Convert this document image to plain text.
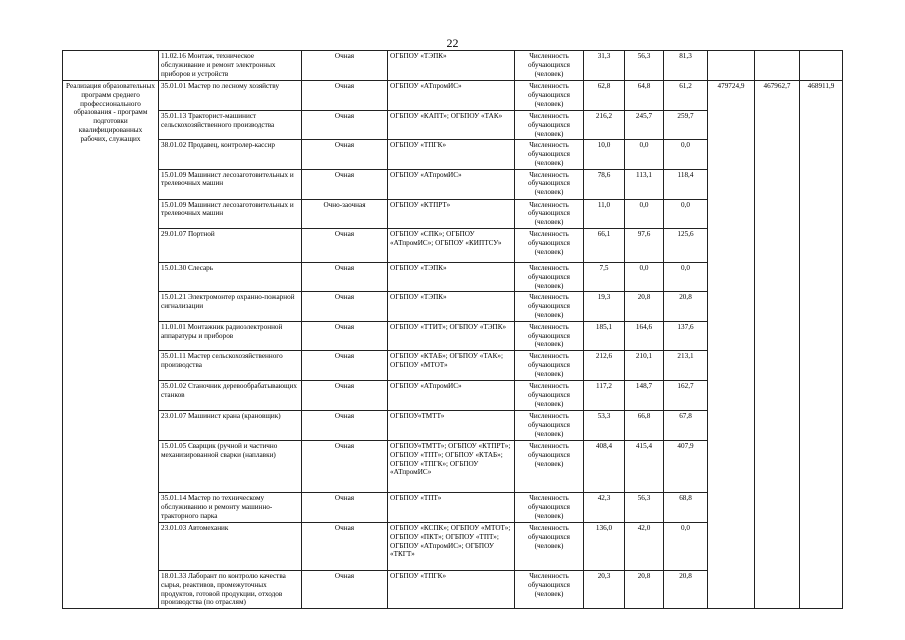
22
	11.02.16 Монтаж, техническое обслуживание и ремонт электронных приборов и устройств	Очная	ОГБПОУ «ТЭПК»	Численность обучающихся (человек)	31,3	56,3	81,3			
Реализация образовательных программ среднего профессионального образования - программ подготовки квалифицированных рабочих, служащих	35.01.01 Мастер по лесному хозяйству	Очная	ОГБПОУ «АТпромИС»	Численность обучающихся (человек)	62,8	64,8	61,2	479724,9	467962,7	468911,9
	35.01.13 Тракторист-машинист сельскохозяйственного производства	Очная	ОГБПОУ «КАПТ»; ОГБПОУ «ТАК»	Численность обучающихся (человек)	216,2	245,7	259,7			
	38.01.02 Продавец, контролер-кассир	Очная	ОГБПОУ «ТПГК»	Численность обучающихся (человек)	10,0	0,0	0,0			
	15.01.09 Машинист лесозаготовительных и трелевочных машин	Очная	ОГБПОУ «АТпромИС»	Численность обучающихся (человек)	78,6	113,1	118,4			
	15.01.09 Машинист лесозаготовительных и трелевочных машин	Очно-заочная	ОГБПОУ «КТПРТ»	Численность обучающихся (человек)	11,0	0,0	0,0			
	29.01.07 Портной	Очная	ОГБПОУ «СПК»; ОГБПОУ «АТпромИС»; ОГБПОУ «КИПТСУ»	Численность обучающихся (человек)	66,1	97,6	125,6			
	15.01.30 Слесарь	Очная	ОГБПОУ «ТЭПК»	Численность обучающихся (человек)	7,5	0,0	0,0			
	15.01.21 Электромонтер охранно-пожарной сигнализации	Очная	ОГБПОУ «ТЭПК»	Численность обучающихся (человек)	19,3	20,8	20,8			
	11.01.01 Монтажник радиоэлектронной аппаратуры и приборов	Очная	ОГБПОУ «ТТИТ»; ОГБПОУ «ТЭПК»	Численность обучающихся (человек)	185,1	164,6	137,6			
	35.01.11 Мастер сельскохозяйственного производства	Очная	ОГБПОУ «КТАБ»; ОГБПОУ «ТАК»; ОГБПОУ «МТОТ»	Численность обучающихся (человек)	212,6	210,1	213,1			
	35.01.02 Станочник деревообрабатывающих станков	Очная	ОГБПОУ «АТпромИС»	Численность обучающихся (человек)	117,2	148,7	162,7			
	23.01.07 Машинист крана (крановщик)	Очная	ОГБПОУ«ТМТТ»	Численность обучающихся (человек)	53,3	66,8	67,8			
	15.01.05 Сварщик (ручной и частично механизированной сварки (наплавки)	Очная	ОГБПОУ«ТМТТ»; ОГБПОУ «КТПРТ»; ОГБПОУ «ТПТ»; ОГБПОУ «КТАБ»; ОГБПОУ «ТПГК»; ОГБПОУ «АТпромИС»	Численность обучающихся (человек)	408,4	415,4	407,9			
	35.01.14 Мастер по техническому обслуживанию и ремонту машинно-тракторного парка	Очная	ОГБПОУ «ТПТ»	Численность обучающихся (человек)	42,3	56,3	68,8			
	23.01.03 Автомеханик	Очная	ОГБПОУ «КСПК»; ОГБПОУ «МТОТ»; ОГБПОУ «ПКТ»; ОГБПОУ «ТПТ»; ОГБПОУ «АТпромИС»; ОГБПОУ «ТКГТ»	Численность обучающихся (человек)	136,0	42,0	0,0			
	18.01.33 Лаборант по контролю качества сырья, реактивов, промежуточных продуктов, готовой продукции, отходов производства (по отраслям)	Очная	ОГБПОУ «ТПГК»	Численность обучающихся (человек)	20,3	20,8	20,8			
